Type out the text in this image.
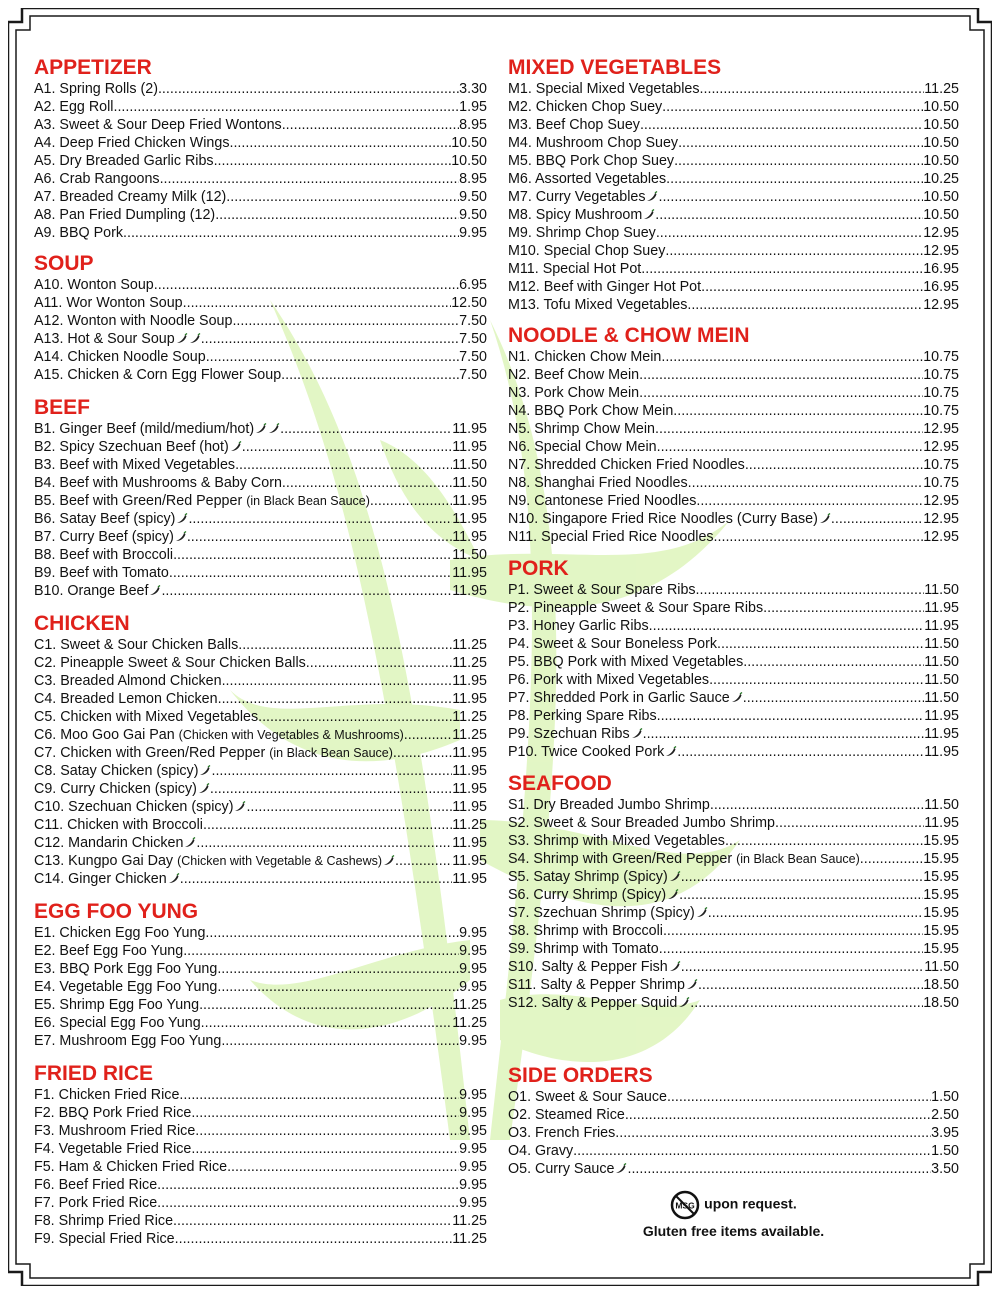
APPETIZER
A1. Spring Rolls (2) .....	3.30
A2. Egg Roll .....	1.95
A3. Sweet & Sour Deep Fried Wontons .....	8.95
A4. Deep Fried Chicken Wings .....	10.50
A5. Dry Breaded Garlic Ribs .....	10.50
A6. Crab Rangoons .....	8.95
A7. Breaded Creamy Milk (12) .....	9.50
A8. Pan Fried Dumpling (12) .....	9.50
A9. BBQ Pork .....	9.95
SOUP
A10. Wonton Soup .....	6.95
A11. Wor Wonton Soup .....	12.50
A12. Wonton with Noodle Soup .....	7.50
A13. Hot & Sour Soup .....	7.50
A14. Chicken Noodle Soup .....	7.50
A15. Chicken & Corn Egg Flower Soup .....	7.50
BEEF
B1. Ginger Beef (mild/medium/hot) .....	11.95
B2. Spicy Szechuan Beef (hot) .....	11.95
B3. Beef with Mixed Vegetables .....	11.50
B4. Beef with Mushrooms & Baby Corn .....	11.50
B5. Beef with Green/Red Pepper (in Black Bean Sauce) .....	11.95
B6. Satay Beef (spicy) .....	11.95
B7. Curry Beef (spicy) .....	11.95
B8. Beef with Broccoli .....	11.50
B9. Beef with Tomato .....	11.95
B10. Orange Beef .....	11.95
CHICKEN
C1. Sweet & Sour Chicken Balls .....	11.25
C2. Pineapple Sweet & Sour Chicken Balls .....	11.25
C3. Breaded Almond Chicken .....	11.95
C4. Breaded Lemon Chicken .....	11.95
C5. Chicken with Mixed Vegetables .....	11.25
C6. Moo Goo Gai Pan (Chicken with Vegetables & Mushrooms) .....	11.25
C7. Chicken with Green/Red Pepper (in Black Bean Sauce) .....	11.95
C8. Satay Chicken (spicy) .....	11.95
C9. Curry Chicken (spicy) .....	11.95
C10. Szechuan Chicken (spicy) .....	11.95
C11. Chicken with Broccoli .....	11.25
C12. Mandarin Chicken .....	11.95
C13. Kungpo Gai Day (Chicken with Vegetable & Cashews) .....	11.95
C14. Ginger Chicken .....	11.95
EGG FOO YUNG
E1. Chicken Egg Foo Yung .....	9.95
E2. Beef Egg Foo Yung .....	9.95
E3. BBQ Pork Egg Foo Yung .....	9.95
E4. Vegetable Egg Foo Yung .....	9.95
E5. Shrimp Egg Foo Yung .....	11.25
E6. Special Egg Foo Yung .....	11.25
E7. Mushroom Egg Foo Yung .....	9.95
FRIED RICE
F1. Chicken Fried Rice .....	9.95
F2. BBQ Pork Fried Rice .....	9.95
F3. Mushroom Fried Rice .....	9.95
F4. Vegetable Fried Rice .....	9.95
F5. Ham & Chicken Fried Rice .....	9.95
F6. Beef Fried Rice .....	9.95
F7. Pork Fried Rice .....	9.95
F8. Shrimp Fried Rice .....	11.25
F9. Special Fried Rice .....	11.25
MIXED VEGETABLES
M1. Special Mixed Vegetables .....	11.25
M2. Chicken Chop Suey .....	10.50
M3. Beef Chop Suey .....	10.50
M4. Mushroom Chop Suey .....	10.50
M5. BBQ Pork Chop Suey .....	10.50
M6. Assorted Vegetables .....	10.25
M7. Curry Vegetables .....	10.50
M8. Spicy Mushroom .....	10.50
M9. Shrimp Chop Suey .....	12.95
M10. Special Chop Suey .....	12.95
M11. Special Hot Pot .....	16.95
M12. Beef with Ginger Hot Pot .....	16.95
M13. Tofu Mixed Vegetables .....	12.95
NOODLE & CHOW MEIN
N1. Chicken Chow Mein .....	10.75
N2. Beef Chow Mein .....	10.75
N3. Pork Chow Mein .....	10.75
N4. BBQ Pork Chow Mein .....	10.75
N5. Shrimp Chow Mein .....	12.95
N6. Special Chow Mein .....	12.95
N7. Shredded Chicken Fried Noodles .....	10.75
N8. Shanghai Fried Noodles .....	10.75
N9. Cantonese Fried Noodles .....	12.95
N10. Singapore Fried Rice Noodles (Curry Base) .....	12.95
N11. Special Fried Rice Noodles .....	12.95
PORK
P1. Sweet & Sour Spare Ribs .....	11.50
P2. Pineapple Sweet & Sour Spare Ribs .....	11.95
P3. Honey Garlic Ribs .....	11.95
P4. Sweet & Sour Boneless Pork .....	11.50
P5. BBQ Pork with Mixed Vegetables .....	11.50
P6. Pork with Mixed Vegetables .....	11.50
P7. Shredded Pork in Garlic Sauce .....	11.50
P8. Perking Spare Ribs .....	11.95
P9. Szechuan Ribs .....	11.95
P10. Twice Cooked Pork .....	11.95
SEAFOOD
S1. Dry Breaded Jumbo Shrimp .....	11.50
S2. Sweet & Sour Breaded Jumbo Shrimp .....	11.95
S3. Shrimp with Mixed Vegetables .....	15.95
S4. Shrimp with Green/Red Pepper (in Black Bean Sauce) .....	15.95
S5. Satay Shrimp (Spicy) .....	15.95
S6. Curry Shrimp (Spicy) .....	15.95
S7. Szechuan Shrimp (Spicy) .....	15.95
S8. Shrimp with Broccoli .....	15.95
S9. Shrimp with Tomato .....	15.95
S10. Salty & Pepper Fish .....	11.50
S11. Salty & Pepper Shrimp .....	18.50
S12. Salty & Pepper Squid .....	18.50
SIDE ORDERS
O1. Sweet & Sour Sauce .....	1.50
O2. Steamed Rice .....	2.50
O3. French Fries .....	3.95
O4. Gravy .....	1.50
O5. Curry Sauce .....	3.50
MSG upon request.
Gluten free items available.
